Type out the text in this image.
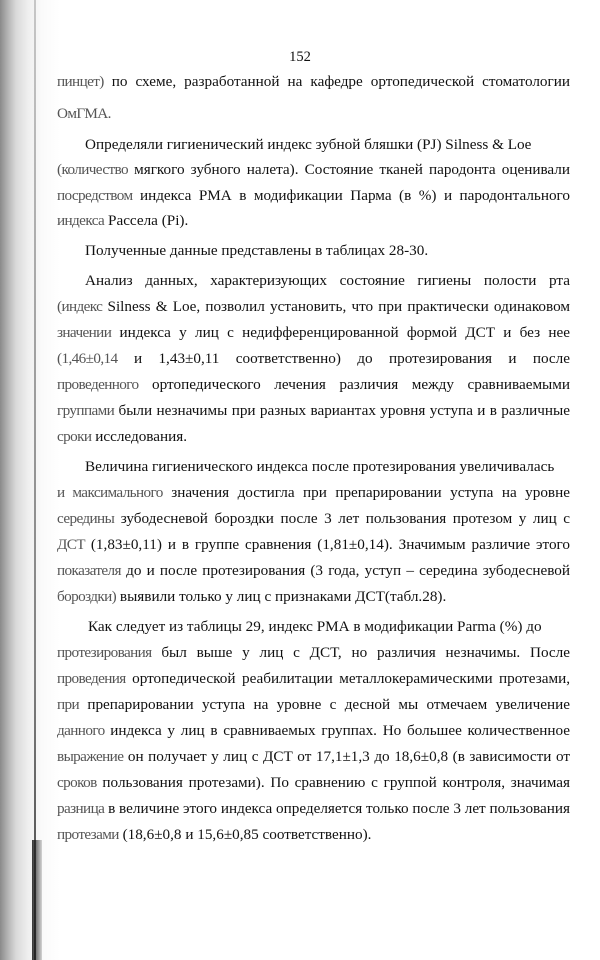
152
пинцет) по схеме, разработанной на кафедре ортопедической стоматологии
ОмГМА.
Определяли гигиенический индекс зубной бляшки (PJ) Silness & Loe
(количество мягкого зубного налета). Состояние тканей пародонта оценивали
посредством индекса РМА в модификации Парма (в %) и пародонтального
индекса Рассела (Pi).
Полученные данные представлены в таблицах 28-30.
Анализ данных, характеризующих состояние гигиены полости рта
(индекс Silness & Loe, позволил установить, что при практически одинаковом
значении индекса у лиц с недифференцированной формой ДСТ и без нее
(1,46±0,14 и 1,43±0,11 соответственно) до протезирования и после
проведенного ортопедического лечения различия между сравниваемыми
группами были незначимы при разных вариантах уровня уступа и в различные
сроки исследования.
Величина гигиенического индекса после протезирования увеличивалась
и максимального значения достигла при препарировании уступа на уровне
середины зубодесневой бороздки после 3 лет пользования протезом у лиц с
ДСТ (1,83±0,11) и в группе сравнения (1,81±0,14). Значимым различие этого
показателя до и после протезирования (3 года, уступ – середина зубодесневой
бороздки) выявили только у лиц с признаками ДСТ(табл.28).
Как следует из таблицы 29, индекс РМА в модификации Parma (%) до
протезирования был выше у лиц с ДСТ, но различия незначимы. После
проведения ортопедической реабилитации металлокерамическими протезами,
при препарировании уступа на уровне с десной мы отмечаем увеличение
данного индекса у лиц в сравниваемых группах. Но большее количественное
выражение он получает у лиц с ДСТ от 17,1±1,3 до 18,6±0,8 (в зависимости от
сроков пользования протезами). По сравнению с группой контроля, значимая
разница в величине этого индекса определяется только после 3 лет пользования
протезами (18,6±0,8 и 15,6±0,85 соответственно).
